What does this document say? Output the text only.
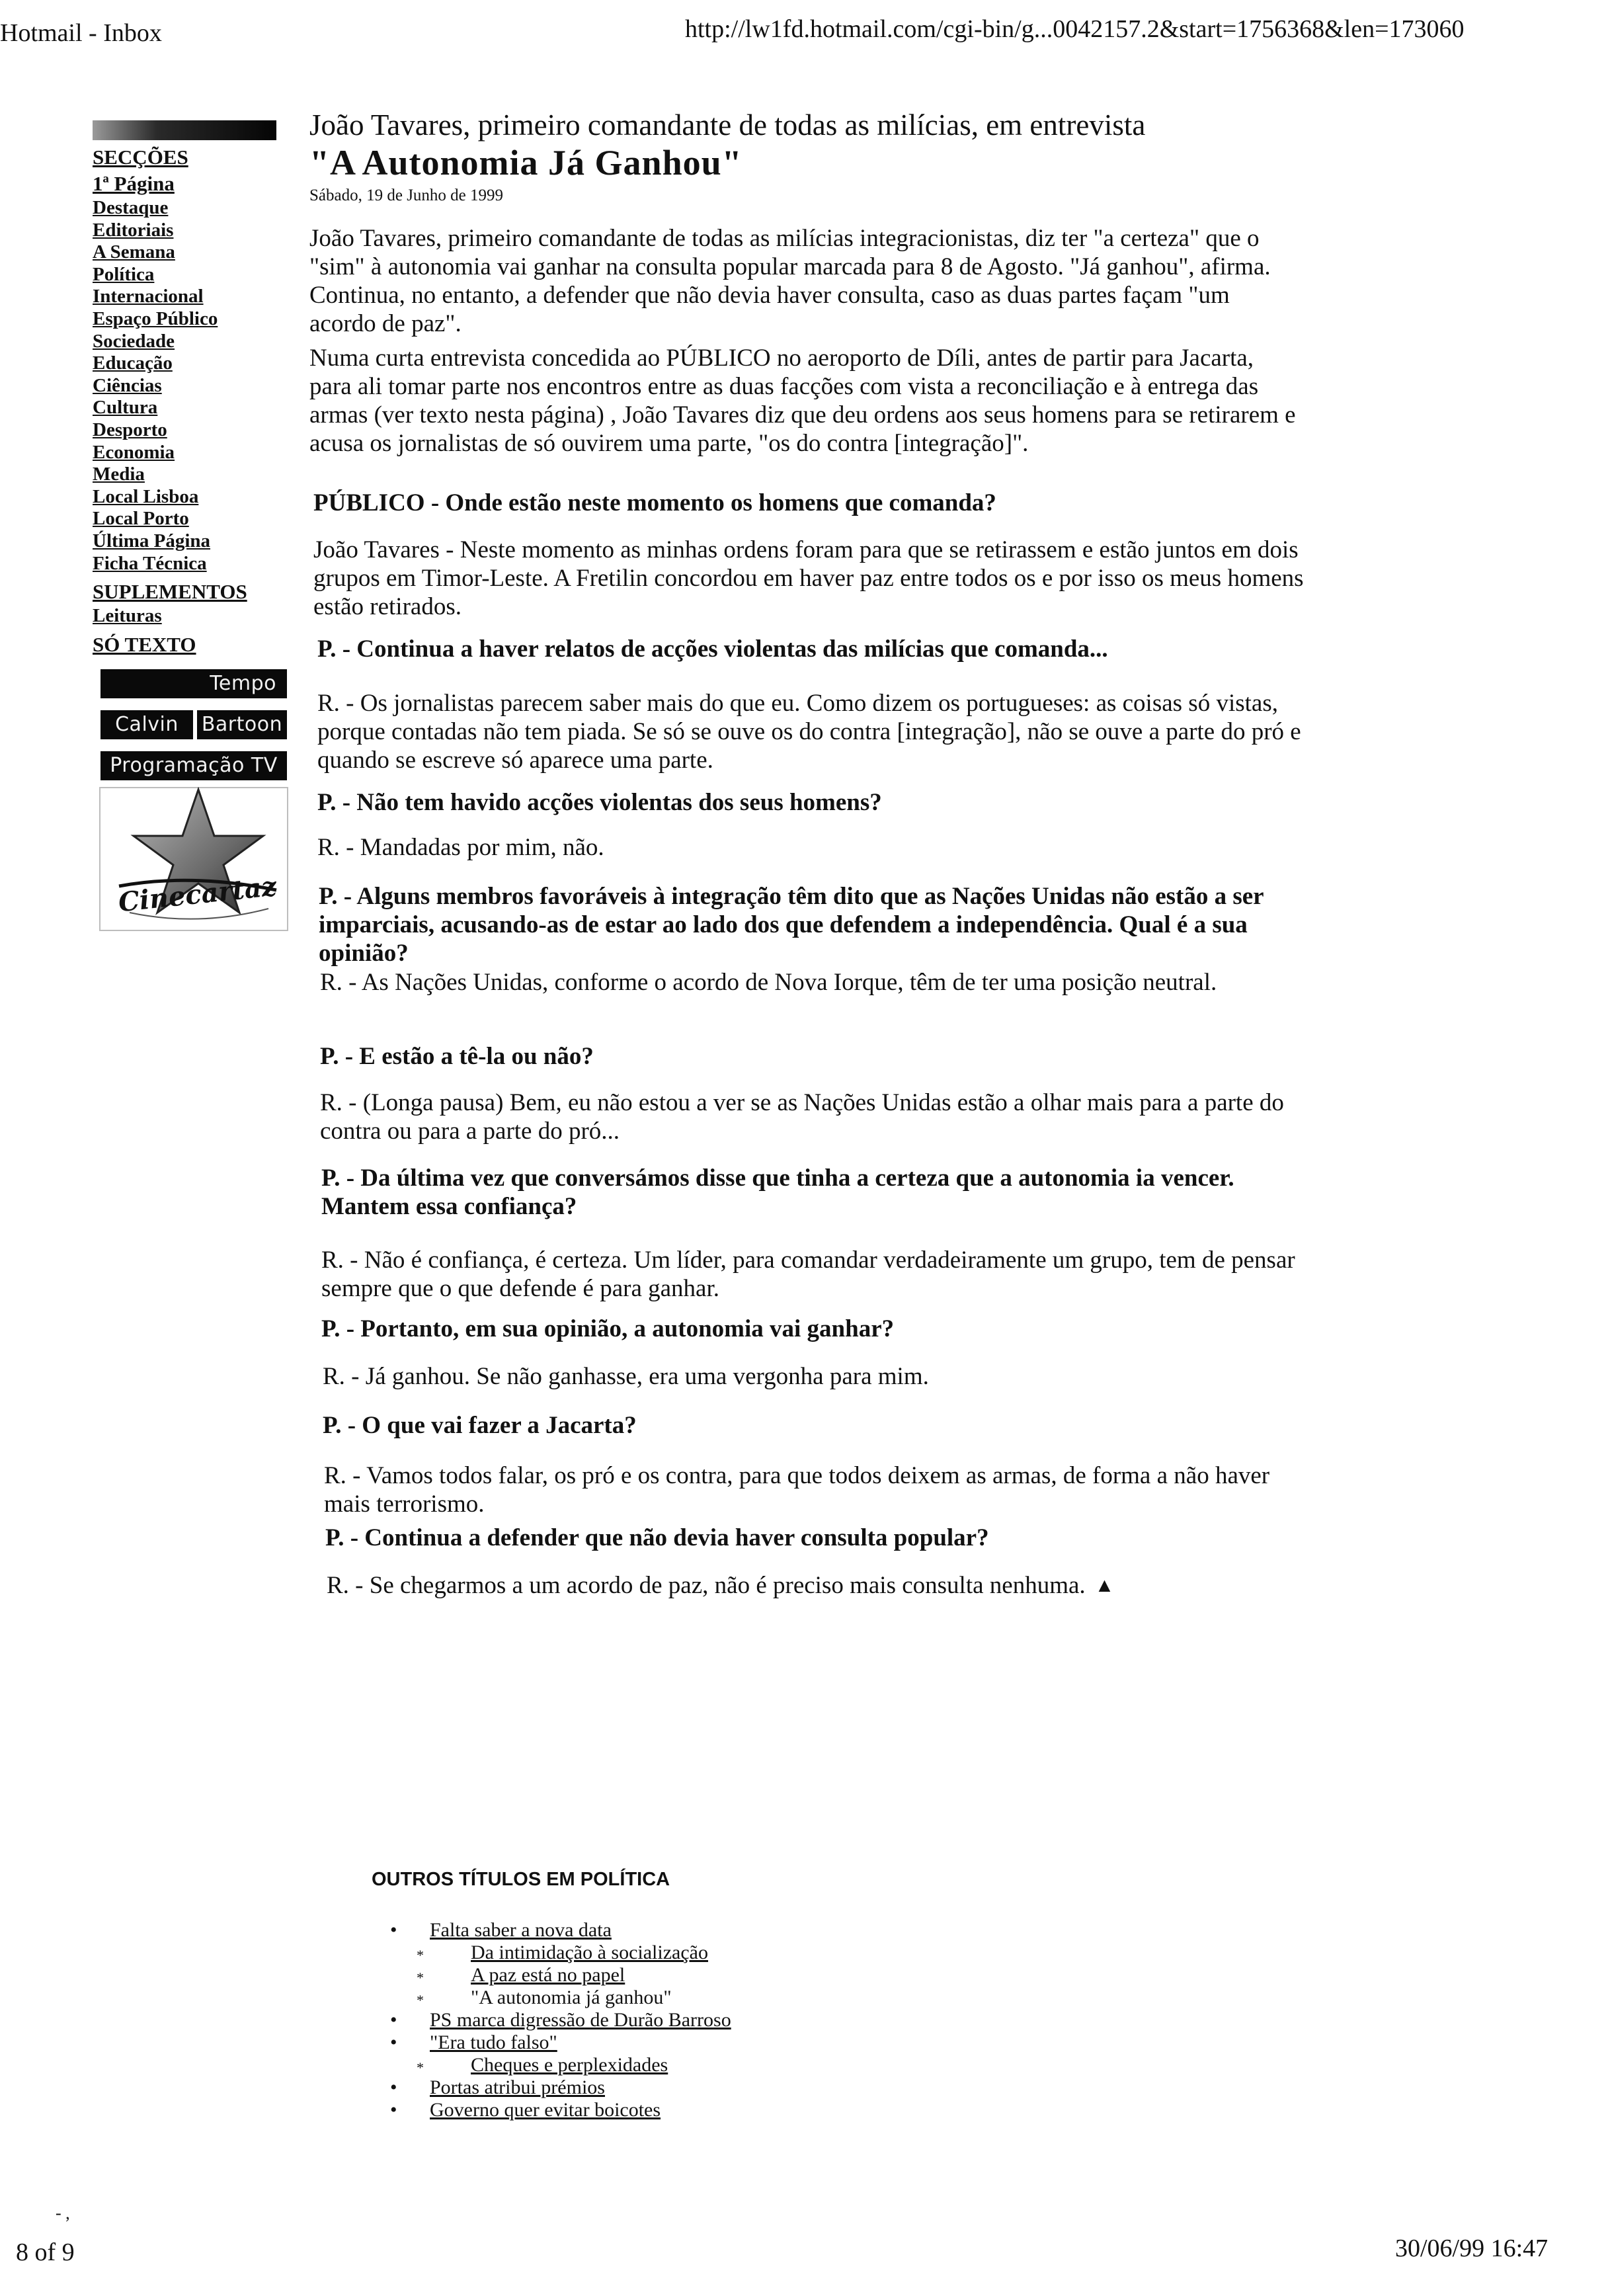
Hotmail - Inbox	http://lw1fd.hotmail.com/cgi-bin/g...0042157.2&start=1756368&len=173060
SECÇÕES
1ª Página
Destaque
Editoriais
A Semana
Política
Internacional
Espaço Público
Sociedade
Educação
Ciências
Cultura
Desporto
Economia
Media
Local Lisboa
Local Porto
Última Página
Ficha Técnica
SUPLEMENTOS
Leituras
SÓ TEXTO
Tempo
Calvin	Bartoon
Programação TV
Cinecartaz
João Tavares, primeiro comandante de todas as milícias, em entrevista
"A Autonomia Já Ganhou"
Sábado, 19 de Junho de 1999

João Tavares, primeiro comandante de todas as milícias integracionistas, diz ter "a certeza" que o "sim" à autonomia vai ganhar na consulta popular marcada para 8 de Agosto. "Já ganhou", afirma. Continua, no entanto, a defender que não devia haver consulta, caso as duas partes façam "um acordo de paz".

Numa curta entrevista concedida ao PÚBLICO no aeroporto de Díli, antes de partir para Jacarta, para ali tomar parte nos encontros entre as duas facções com vista a reconciliação e à entrega das armas (ver texto nesta página) , João Tavares diz que deu ordens aos seus homens para se retirarem e acusa os jornalistas de só ouvirem uma parte, "os do contra [integração]".

PÚBLICO - Onde estão neste momento os homens que comanda?

João Tavares - Neste momento as minhas ordens foram para que se retirassem e estão juntos em dois grupos em Timor-Leste. A Fretilin concordou em haver paz entre todos os e por isso os meus homens estão retirados.

P. - Continua a haver relatos de acções violentas das milícias que comanda...

R. - Os jornalistas parecem saber mais do que eu. Como dizem os portugueses: as coisas só vistas, porque contadas não tem piada. Se só se ouve os do contra [integração], não se ouve a parte do pró e quando se escreve só aparece uma parte.

P. - Não tem havido acções violentas dos seus homens?

R. - Mandadas por mim, não.

P. - Alguns membros favoráveis à integração têm dito que as Nações Unidas não estão a ser imparciais, acusando-as de estar ao lado dos que defendem a independência. Qual é a sua opinião?

R. - As Nações Unidas, conforme o acordo de Nova Iorque, têm de ter uma posição neutral.

P. - E estão a tê-la ou não?

R. - (Longa pausa) Bem, eu não estou a ver se as Nações Unidas estão a olhar mais para a parte do contra ou para a parte do pró...

P. - Da última vez que conversámos disse que tinha a certeza que a autonomia ia vencer. Mantem essa confiança?

R. - Não é confiança, é certeza. Um líder, para comandar verdadeiramente um grupo, tem de pensar sempre que o que defende é para ganhar.

P. - Portanto, em sua opinião, a autonomia vai ganhar?

R. - Já ganhou. Se não ganhasse, era uma vergonha para mim.

P. - O que vai fazer a Jacarta?

R. - Vamos todos falar, os pró e os contra, para que todos deixem as armas, de forma a não haver mais terrorismo.

P. - Continua a defender que não devia haver consulta popular?

R. - Se chegarmos a um acordo de paz, não é preciso mais consulta nenhuma. ▲

OUTROS TÍTULOS EM POLÍTICA
• Falta saber a nova data
* Da intimidação à socialização
* A paz está no papel
* "A autonomia já ganhou"
• PS marca digressão de Durão Barroso
• "Era tudo falso"
* Cheques e perplexidades
• Portas atribui prémios
• Governo quer evitar boicotes
- ,
8 of 9	30/06/99 16:47
